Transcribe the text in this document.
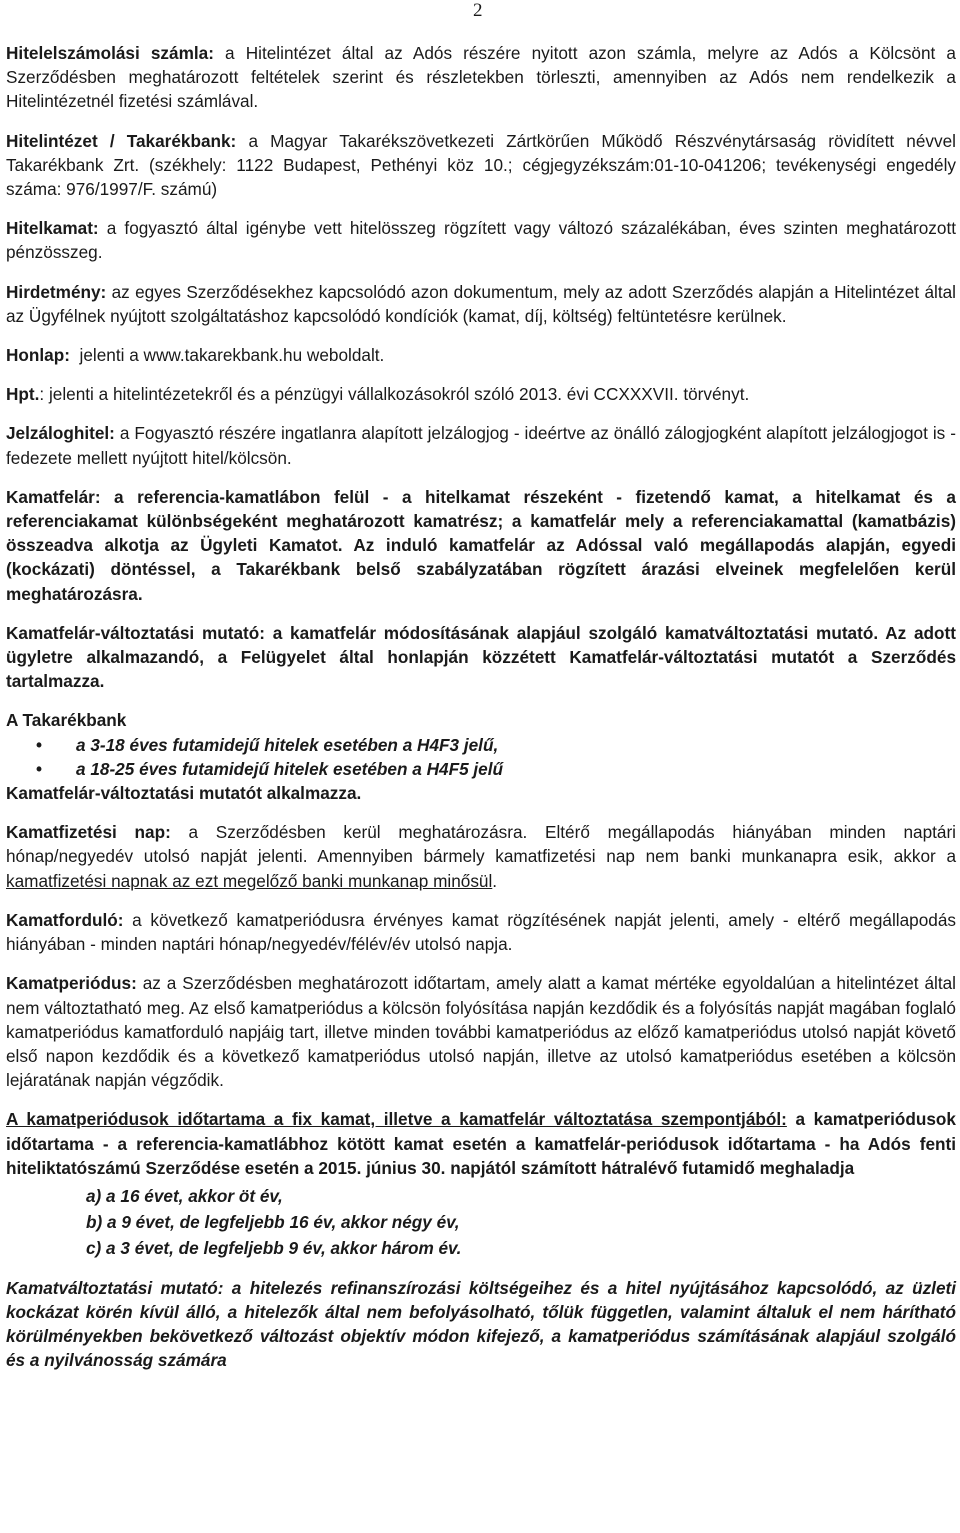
2

Hitelelszámolási számla: a Hitelintézet által az Adós részére nyitott azon számla, melyre az Adós a Kölcsönt a Szerződésben meghatározott feltételek szerint és részletekben törleszti, amennyiben az Adós nem rendelkezik a Hitelintézetnél fizetési számlával.

Hitelintézet / Takarékbank: a Magyar Takarékszövetkezeti Zártkörűen Működő Részvénytársaság rövidített névvel Takarékbank Zrt. (székhely: 1122 Budapest, Pethényi köz 10.; cégjegyzékszám:01-10-041206; tevékenységi engedély száma: 976/1997/F. számú)

Hitelkamat: a fogyasztó által igénybe vett hitelösszeg rögzített vagy változó százalékában, éves szinten meghatározott pénzösszeg.

Hirdetmény: az egyes Szerződésekhez kapcsolódó azon dokumentum, mely az adott Szerződés alapján a Hitelintézet által az Ügyfélnek nyújtott szolgáltatáshoz kapcsolódó kondíciók (kamat, díj, költség) feltüntetésre kerülnek.

Honlap:  jelenti a www.takarekbank.hu weboldalt.

Hpt.: jelenti a hitelintézetekről és a pénzügyi vállalkozásokról szóló 2013. évi CCXXXVII. törvényt.

Jelzáloghitel: a Fogyasztó részére ingatlanra alapított jelzálogjog - ideértve az önálló zálogjogként alapított jelzálogjogot is - fedezete mellett nyújtott hitel/kölcsön.

Kamatfelár: a referencia-kamatlábon felül - a hitelkamat részeként - fizetendő kamat, a hitelkamat és a referenciakamat különbségeként meghatározott kamatrész; a kamatfelár mely a referenciakamattal (kamatbázis) összeadva alkotja az Ügyleti Kamatot. Az induló kamatfelár az Adóssal való megállapodás alapján, egyedi (kockázati) döntéssel, a Takarékbank belső szabályzatában rögzített árazási elveinek megfelelően kerül meghatározásra.

Kamatfelár-változtatási mutató: a kamatfelár módosításának alapjául szolgáló kamatváltoztatási mutató. Az adott ügyletre alkalmazandó, a Felügyelet által honlapján közzétett Kamatfelár-változtatási mutatót a Szerződés tartalmazza.

A Takarékbank
• a 3-18 éves futamidejű hitelek esetében a H4F3 jelű,
• a 18-25 éves futamidejű hitelek esetében a H4F5 jelű
Kamatfelár-változtatási mutatót alkalmazza.

Kamatfizetési nap: a Szerződésben kerül meghatározásra. Eltérő megállapodás hiányában minden naptári hónap/negyedév utolsó napját jelenti. Amennyiben bármely kamatfizetési nap nem banki munkanapra esik, akkor a kamatfizetési napnak az ezt megelőző banki munkanap minősül.

Kamatforduló: a következő kamatperiódusra érvényes kamat rögzítésének napját jelenti, amely - eltérő megállapodás hiányában - minden naptári hónap/negyedév/félév/év utolsó napja.

Kamatperiódus: az a Szerződésben meghatározott időtartam, amely alatt a kamat mértéke egyoldalúan a hitelintézet által nem változtatható meg. Az első kamatperiódus a kölcsön folyósítása napján kezdődik és a folyósítás napját magában foglaló kamatperiódus kamatforduló napjáig tart, illetve minden további kamatperiódus az előző kamatperiódus utolsó napját követő első napon kezdődik és a következő kamatperiódus utolsó napján, illetve az utolsó kamatperiódus esetében a kölcsön lejáratának napján végződik.

A kamatperiódusok időtartama a fix kamat, illetve a kamatfelár változtatása szempontjából: a kamatperiódusok időtartama - a referencia-kamatlábhoz kötött kamat esetén a kamatfelár-periódusok időtartama - ha Adós fenti hiteliktatószámú Szerződése esetén a 2015. június 30. napjától számított hátralévő futamidő meghaladja

a) a 16 évet, akkor öt év,
b) a 9 évet, de legfeljebb 16 év, akkor négy év,
c) a 3 évet, de legfeljebb 9 év, akkor három év.

Kamatváltoztatási mutató: a hitelezés refinanszírozási költségeihez és a hitel nyújtásához kapcsolódó, az üzleti kockázat körén kívül álló, a hitelezők által nem befolyásolható, tőlük független, valamint általuk el nem hárítható körülményekben bekövetkező változást objektív módon kifejező, a kamatperiódus számításának alapjául szolgáló és a nyilvánosság számára
